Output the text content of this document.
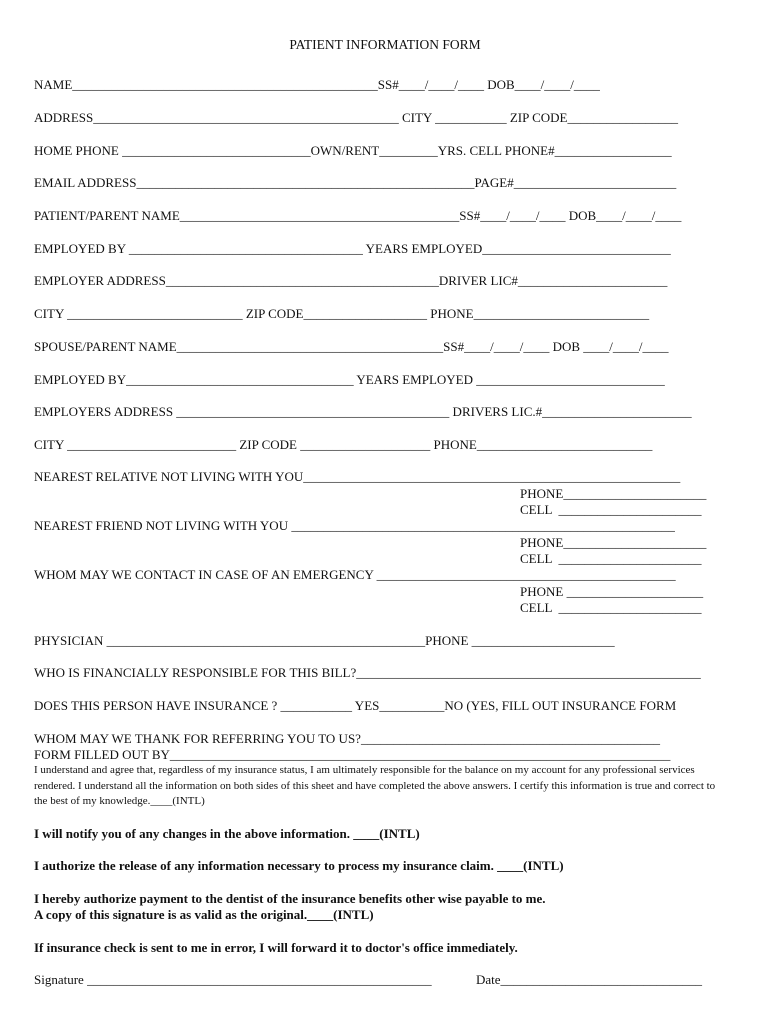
PATIENT INFORMATION FORM
NAME_______________________________________________SS#____/____/____ DOB____/____/____
ADDRESS_______________________________________________ CITY ___________ ZIP CODE_________________
HOME PHONE _____________________________OWN/RENT_________YRS. CELL PHONE#__________________
EMAIL ADDRESS____________________________________________________PAGE#_________________________
PATIENT/PARENT NAME___________________________________________SS#____/____/____ DOB____/____/____
EMPLOYED BY ____________________________________ YEARS EMPLOYED_____________________________
EMPLOYER ADDRESS__________________________________________DRIVER LIC#_______________________
CITY ___________________________ ZIP CODE___________________ PHONE___________________________
SPOUSE/PARENT NAME_________________________________________SS#____/____/____ DOB ____/____/____
EMPLOYED BY___________________________________ YEARS EMPLOYED _____________________________
EMPLOYERS ADDRESS __________________________________________ DRIVERS LIC.#_______________________
CITY __________________________ ZIP CODE ____________________ PHONE___________________________
NEAREST RELATIVE NOT LIVING WITH YOU__________________________________________________________
PHONE______________________
CELL  ______________________
NEAREST FRIEND NOT LIVING WITH YOU ___________________________________________________________
PHONE______________________
CELL  ______________________
WHOM MAY WE CONTACT IN CASE OF AN EMERGENCY ______________________________________________
PHONE _____________________
CELL  ______________________
PHYSICIAN _________________________________________________PHONE ______________________
WHO IS FINANCIALLY RESPONSIBLE FOR THIS BILL?_____________________________________________________
DOES THIS PERSON HAVE INSURANCE ? ___________ YES__________NO (YES, FILL OUT INSURANCE FORM
WHOM MAY WE THANK FOR REFERRING YOU TO US?______________________________________________
FORM FILLED OUT BY_____________________________________________________________________________
I understand and agree that, regardless of my insurance status, I am ultimately responsible for the balance on my account for any professional services rendered. I understand all the information on both sides of this sheet and have completed the above answers. I certify this information is true and correct to the best of my knowledge.____(INTL)
I will notify you of any changes in the above information. ____(INTL)
I authorize the release of any information necessary to process my insurance claim. ____(INTL)
I hereby authorize payment to the dentist of the insurance benefits other wise payable to me.
A copy of this signature is as valid as the original.____(INTL)
If insurance check is sent to me in error, I will forward it to doctor's office immediately.
Signature _____________________________________________________	Date_______________________________
